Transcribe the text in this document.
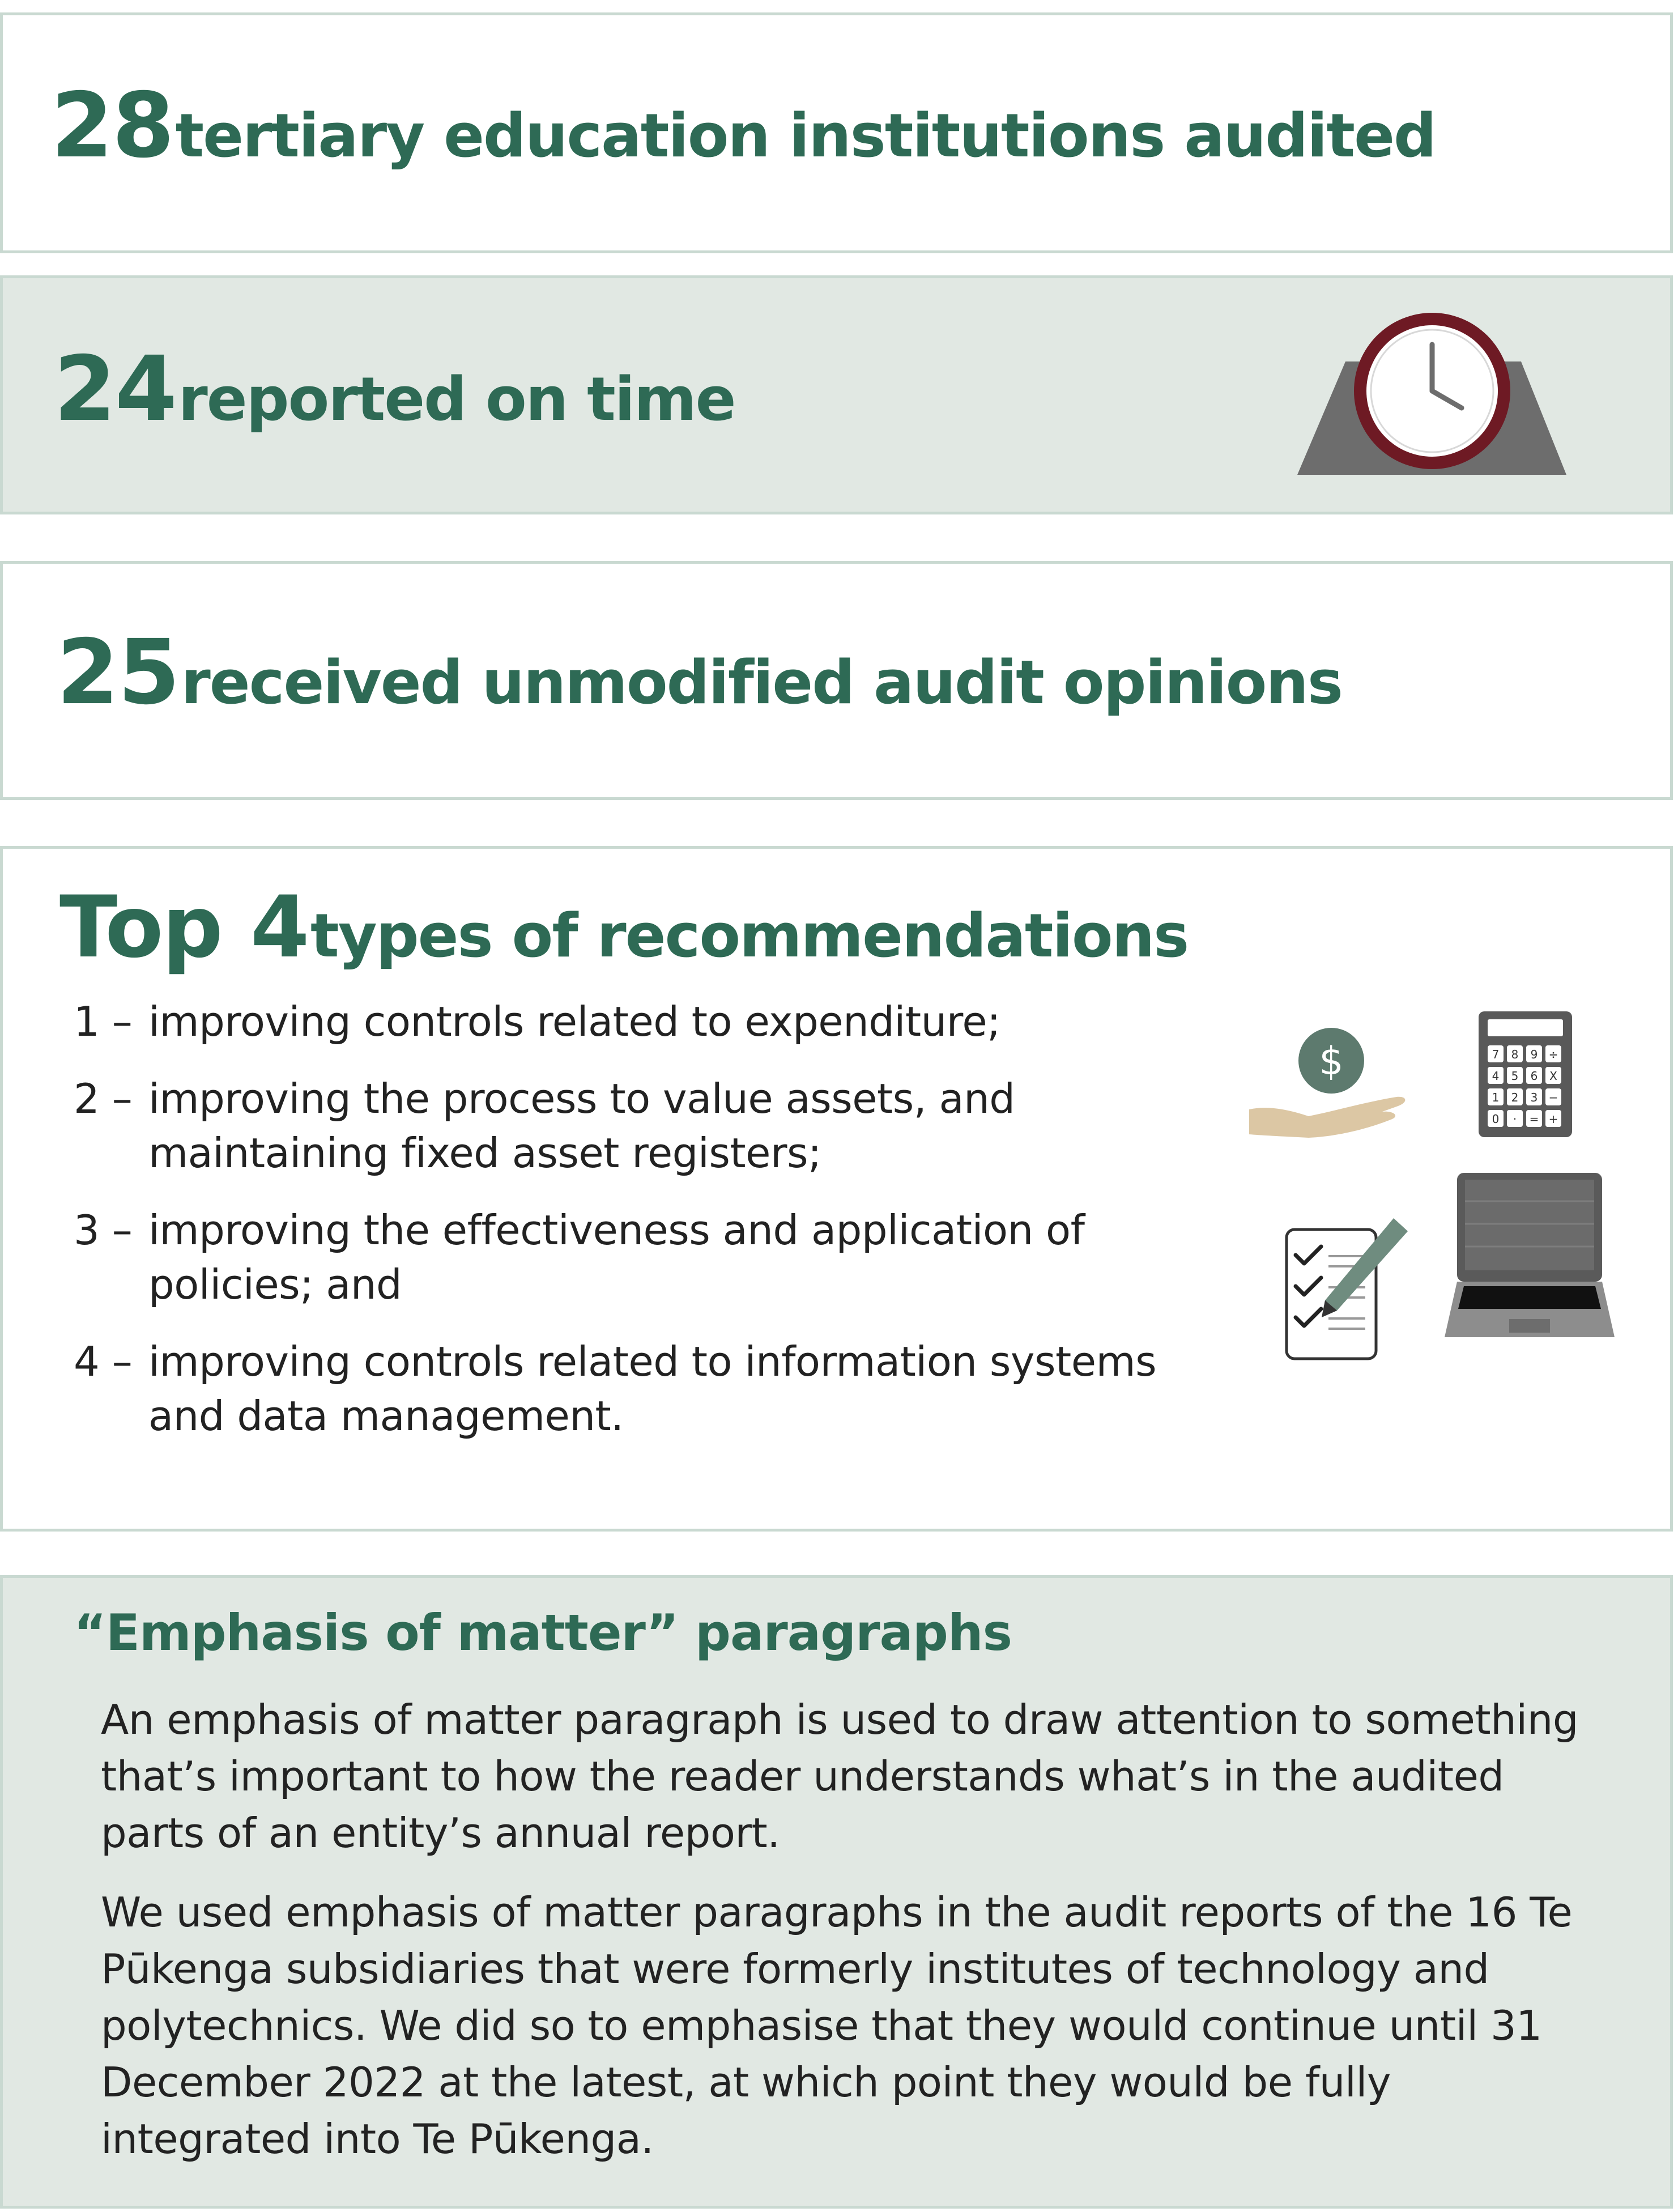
28 tertiary education institutions audited
24 reported on time
25 received unmodified audit opinions
Top 4 types of recommendations
1 – improving controls related to expenditure;
2 – improving the process to value assets, and maintaining fixed asset registers;
3 – improving the effectiveness and application of policies; and
4 – improving controls related to information systems and data management.
$	7 8 9 ÷
4 5 6 X
1 2 3 −
0 · = +
“Emphasis of matter” paragraphs

An emphasis of matter paragraph is used to draw attention to something that’s important to how the reader understands what’s in the audited parts of an entity’s annual report.

We used emphasis of matter paragraphs in the audit reports of the 16 Te Pūkenga subsidiaries that were formerly institutes of technology and polytechnics. We did so to emphasise that they would continue until 31 December 2022 at the latest, at which point they would be fully integrated into Te Pūkenga.
